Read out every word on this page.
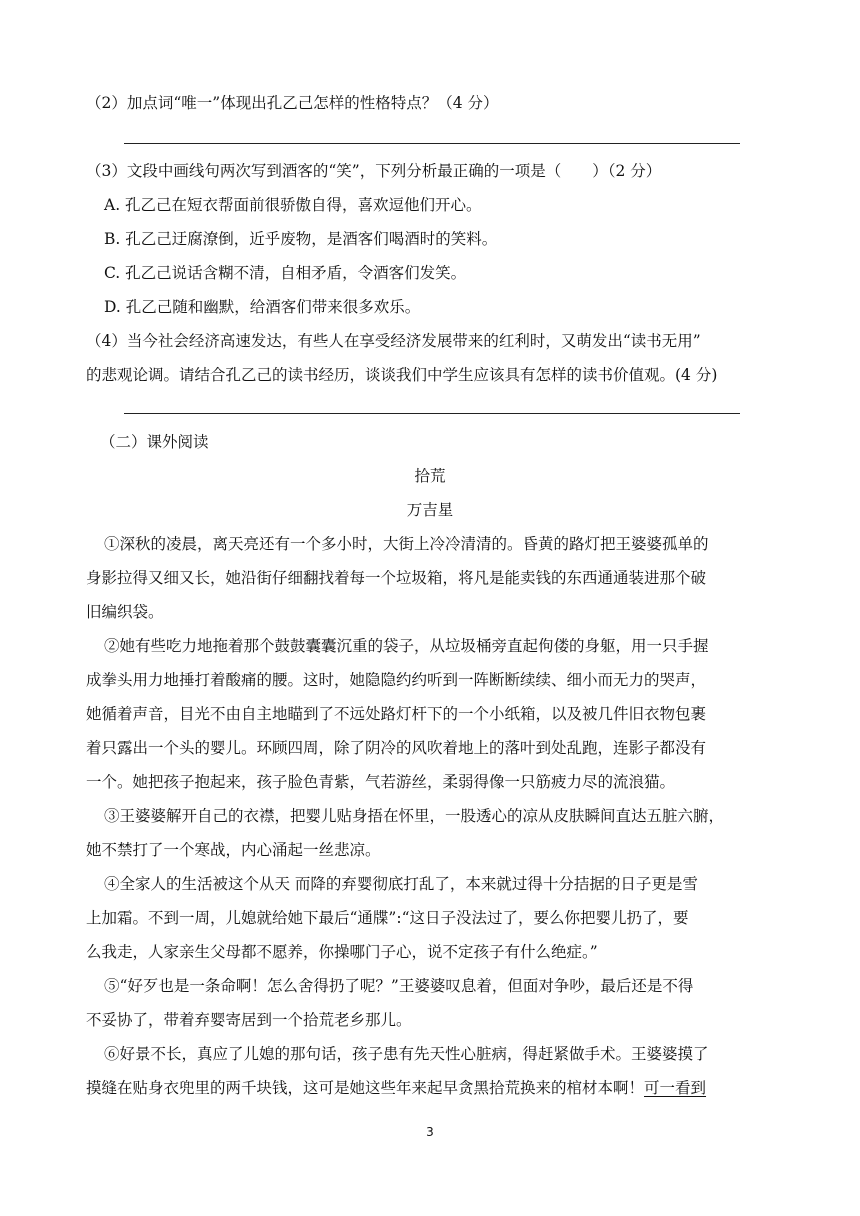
（2）加点词“唯一”体现出孔乙己怎样的性格特点？（4 分）
（3）文段中画线句两次写到酒客的“笑”，下列分析最正确的一项是（　　）（2 分）
A. 孔乙己在短衣帮面前很骄傲自得，喜欢逗他们开心。
B. 孔乙己迂腐潦倒，近乎废物，是酒客们喝酒时的笑料。
C. 孔乙己说话含糊不清，自相矛盾，令酒客们发笑。
D. 孔乙己随和幽默，给酒客们带来很多欢乐。
（4）当今社会经济高速发达，有些人在享受经济发展带来的红利时，又萌发出“读书无用”
的悲观论调。请结合孔乙己的读书经历，谈谈我们中学生应该具有怎样的读书价值观。(4 分)
（二）课外阅读
拾荒
万吉星
①深秋的凌晨，离天亮还有一个多小时，大街上冷冷清清的。昏黄的路灯把王婆婆孤单的
身影拉得又细又长，她沿街仔细翻找着每一个垃圾箱，将凡是能卖钱的东西通通装进那个破
旧编织袋。
②她有些吃力地拖着那个鼓鼓囊囊沉重的袋子，从垃圾桶旁直起佝偻的身躯，用一只手握
成拳头用力地捶打着酸痛的腰。这时，她隐隐约约听到一阵断断续续、细小而无力的哭声，
她循着声音，目光不由自主地瞄到了不远处路灯杆下的一个小纸箱，以及被几件旧衣物包裹
着只露出一个头的婴儿。环顾四周，除了阴冷的风吹着地上的落叶到处乱跑，连影子都没有
一个。她把孩子抱起来，孩子脸色青紫，气若游丝，柔弱得像一只筋疲力尽的流浪猫。
③王婆婆解开自己的衣襟，把婴儿贴身捂在怀里，一股透心的凉从皮肤瞬间直达五脏六腑，
她不禁打了一个寒战，内心涌起一丝悲凉。
④全家人的生活被这个从天 而降的弃婴彻底打乱了，本来就过得十分拮据的日子更是雪
上加霜。不到一周，儿媳就给她下最后“通牒”:“这日子没法过了，要么你把婴儿扔了，要
么我走，人家亲生父母都不愿养，你操哪门子心，说不定孩子有什么绝症。”
⑤“好歹也是一条命啊！怎么舍得扔了呢？”王婆婆叹息着，但面对争吵，最后还是不得
不妥协了，带着弃婴寄居到一个拾荒老乡那儿。
⑥好景不长，真应了儿媳的那句话，孩子患有先天性心脏病，得赶紧做手术。王婆婆摸了
摸缝在贴身衣兜里的两千块钱，这可是她这些年来起早贪黑拾荒换来的棺材本啊！可一看到
3
